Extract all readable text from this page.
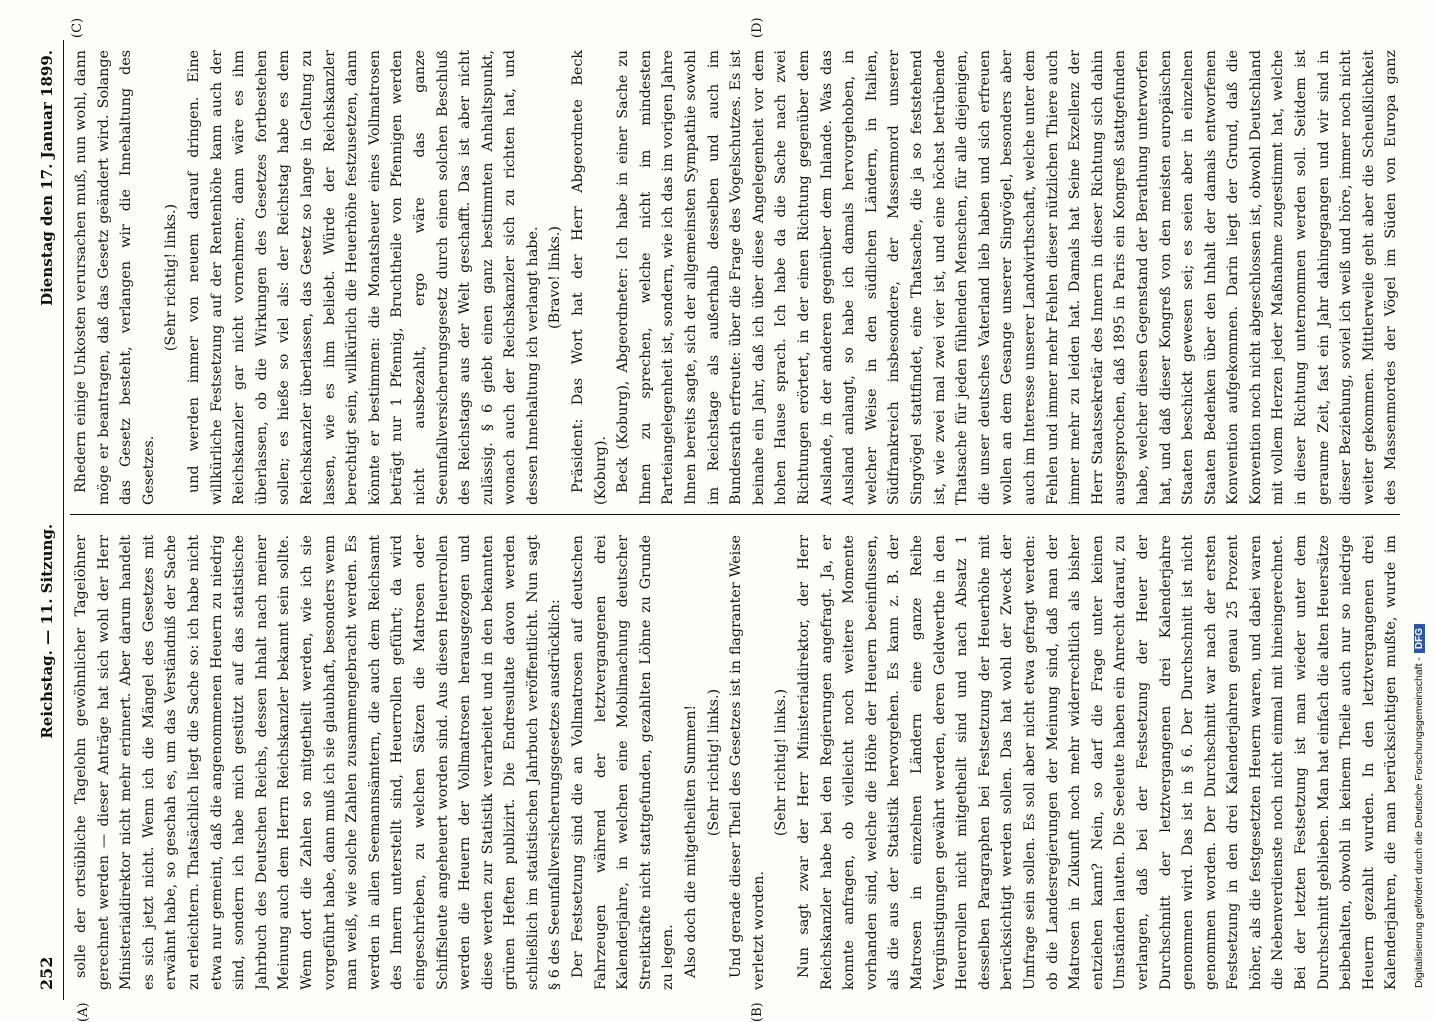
252
Reichstag. — 11. Sitzung.
Dienstag den 17. Januar 1899.

solle der ortsübliche Tagelohn gewöhnlicher Tagelöhner gerechnet werden — dieser Anträge hat sich wohl der Herr Ministerialdirektor nicht mehr erinnert. Aber darum handelt es sich jetzt nicht. Wenn ich die Mängel des Gesetzes mit erwähnt habe, so geschah es, um das Verständniß der Sache zu erleichtern. Thatsächlich liegt die Sache so: ich habe nicht etwa nur gemeint, daß die angenommenen Heuern zu niedrig sind, sondern ich habe mich gestützt auf das statistische Jahrbuch des Deutschen Reichs, dessen Inhalt nach meiner Meinung auch dem Herrn Reichskanzler bekannt sein sollte. Wenn dort die Zahlen so mitgetheilt werden, wie ich sie vorgeführt habe, dann muß ich sie glaubhaft, besonders wenn man weiß, wie solche Zahlen zusammengebracht werden. Es werden in allen Seemannsämtern, die auch dem Reichsamt des Innern unterstellt sind, Heuerrollen geführt; da wird eingeschrieben, zu welchen Sätzen die Matrosen oder Schiffsleute angeheuert worden sind. Aus diesen Heuerrollen werden die Heuern der Vollmatrosen herausgezogen und diese werden zur Statistik verarbeitet und in den bekannten grünen Heften publizirt. Die Endresultate davon werden schließlich im statistischen Jahrbuch veröffentlicht. Nun sagt § 6 des Seeunfallversicherungsgesetzes ausdrücklich: Der Festsetzung sind die an Vollmatrosen auf deutschen Fahrzeugen während der letztvergangenen drei Kalenderjahre, in welchen eine Mobilmachung deutscher Streitkräfte nicht stattgefunden, gezahlten Löhne zu Grunde zu legen. Also doch die mitgetheilten Summen! (Sehr richtig! links.) Und gerade dieser Theil des Gesetzes ist in flagranter Weise verletzt worden.

(Sehr richtig! links.)

Nun sagt zwar der Herr Ministerialdirektor, der Herr Reichskanzler habe bei den Regierungen angefragt. Ja, er konnte anfragen, ob vielleicht noch weitere Momente vorhanden sind, welche die Höhe der Heuern beeinflussen, als die aus der Statistik hervorgehen. Es kann z. B. der Matrosen in einzelnen Ländern eine ganze Reihe Vergünstigungen gewährt werden, deren Geldwerthe in den Heuerrollen nicht mitgetheilt sind und nach Absatz 1 desselben Paragraphen bei Festsetzung der Heuerhöhe mit berücksichtigt werden sollen. Das hat wohl der Zweck der Umfrage sein sollen. Es soll aber nicht etwa gefragt werden: ob die Landesregierungen der Meinung sind, daß man der Matrosen in Zukunft noch mehr widerrechtlich als bisher entziehen kann? Nein, so darf die Frage unter keinen Umständen lauten. Die Seeleute haben ein Anrecht darauf, zu verlangen, daß bei der Festsetzung der Heuer der Durchschnitt der letztvergangenen drei Kalenderjahre genommen wird. Das ist in § 6. Der Durchschnitt ist nicht genommen worden. Der Durchschnitt war nach der ersten Festsetzung in den drei Kalenderjahren genau 25 Prozent höher, als die festgesetzten Heuern waren, und dabei waren die Nebenverdienste noch nicht einmal mit hineingerechnet. Bei der letzten Festsetzung ist man wieder unter dem Durchschnitt geblieben. Man hat einfach die alten Heuersätze beibehalten, obwohl in keinem Theile auch nur so niedrige Heuern gezahlt wurden. In den letztvergangenen drei Kalenderjahren, die man berücksichtigen mußte, wurde im

Rhedern einige Unkosten verursachen muß, nun wohl, dann möge er beantragen, daß das Gesetz geändert wird. Solange das Gesetz besteht, verlangen wir die Innehaltung des Gesetzes.

(Sehr richtig! links.) und werden immer von neuem darauf dringen. Eine willkürliche Festsetzung auf der Rentenhöhe kann auch der Reichskanzler gar nicht vornehmen; dann wäre es ihm überlassen, ob die Wirkungen des Gesetzes fortbestehen sollen; es hieße so viel als: der Reichstag habe es dem Reichskanzler überlassen, das Gesetz so lange in Geltung zu lassen, wie es ihm beliebt. Würde der Reichskanzler berechtigt sein, willkürlich die Heuerhöhe festzusetzen, dann könnte er bestimmen: die Monatsheuer eines Vollmatrosen beträgt nur 1 Pfennig, Bruchtheile von Pfennigen werden nicht ausbezahlt, ergo wäre das ganze Seeunfallversicherungsgesetz durch einen solchen Beschluß des Reichstags aus der Welt geschafft. Das ist aber nicht zulässig. § 6 giebt einen ganz bestimmten Anhaltspunkt, wonach auch der Reichskanzler sich zu richten hat, und dessen Innehaltung ich verlangt habe. (Bravo! links.) Präsident: Das Wort hat der Herr Abgeordnete Beck (Koburg). Beck (Koburg), Abgeordneter: Ich habe in einer Sache zu Ihnen zu sprechen, welche nicht im mindesten Parteiangelegenheit ist, sondern, wie ich das im vorigen Jahre Ihnen bereits sagte, sich der allgemeinsten Sympathie sowohl im Reichstage als außerhalb desselben und auch im Bundesrath erfreute: über die Frage des Vogelschutzes. Es ist beinahe ein Jahr, daß ich über diese Angelegenheit vor dem hohen Hause sprach. Ich habe da die Sache nach zwei Richtungen erörtert, in der einen Richtung gegenüber dem Auslande, in der anderen gegenüber dem Inlande. Was das Ausland anlangt, so habe ich damals hervorgehoben, in welcher Weise in den südlichen Ländern, in Italien, Südfrankreich insbesondere, der Massenmord unserer Singvögel stattfindet, eine Thatsache, die ja so feststehend ist, wie zwei mal zwei vier ist, und eine höchst betrübende Thatsache für jeden fühlenden Menschen, für alle diejenigen, die unser deutsches Vaterland lieb haben und sich erfreuen wollen an dem Gesange unserer Singvögel, besonders aber auch im Interesse unserer Landwirthschaft, welche unter dem Fehlen und immer mehr Fehlen dieser nützlichen Thiere auch immer mehr zu leiden hat. Damals hat Seine Exzellenz der Herr Staatssekretär des Innern in dieser Richtung sich dahin ausgesprochen, daß 1895 in Paris ein Kongreß stattgefunden habe, welcher diesen Gegenstand der Berathung unterworfen hat, und daß dieser Kongreß von den meisten europäischen Staaten beschickt gewesen sei; es seien aber in einzelnen Staaten Bedenken über den Inhalt der damals entworfenen Konvention aufgekommen. Darin liegt der Grund, daß die Konvention noch nicht abgeschlossen ist, obwohl Deutschland mit vollem Herzen jeder Maßnahme zugestimmt hat, welche in dieser Richtung unternommen werden soll. Seitdem ist geraume Zeit, fast ein Jahr dahingegangen und wir sind in dieser Beziehung, soviel ich weiß und höre, immer noch nicht weiter gekommen. Mittlerweile geht aber die Scheußlichkeit des Massenmordes der Vögel im Süden von Europa ganz

(A)	(B)
(C)	(D)
Digitalisierung gefördert durch die Deutsche Forschungsgemeinschaft -
DFG
